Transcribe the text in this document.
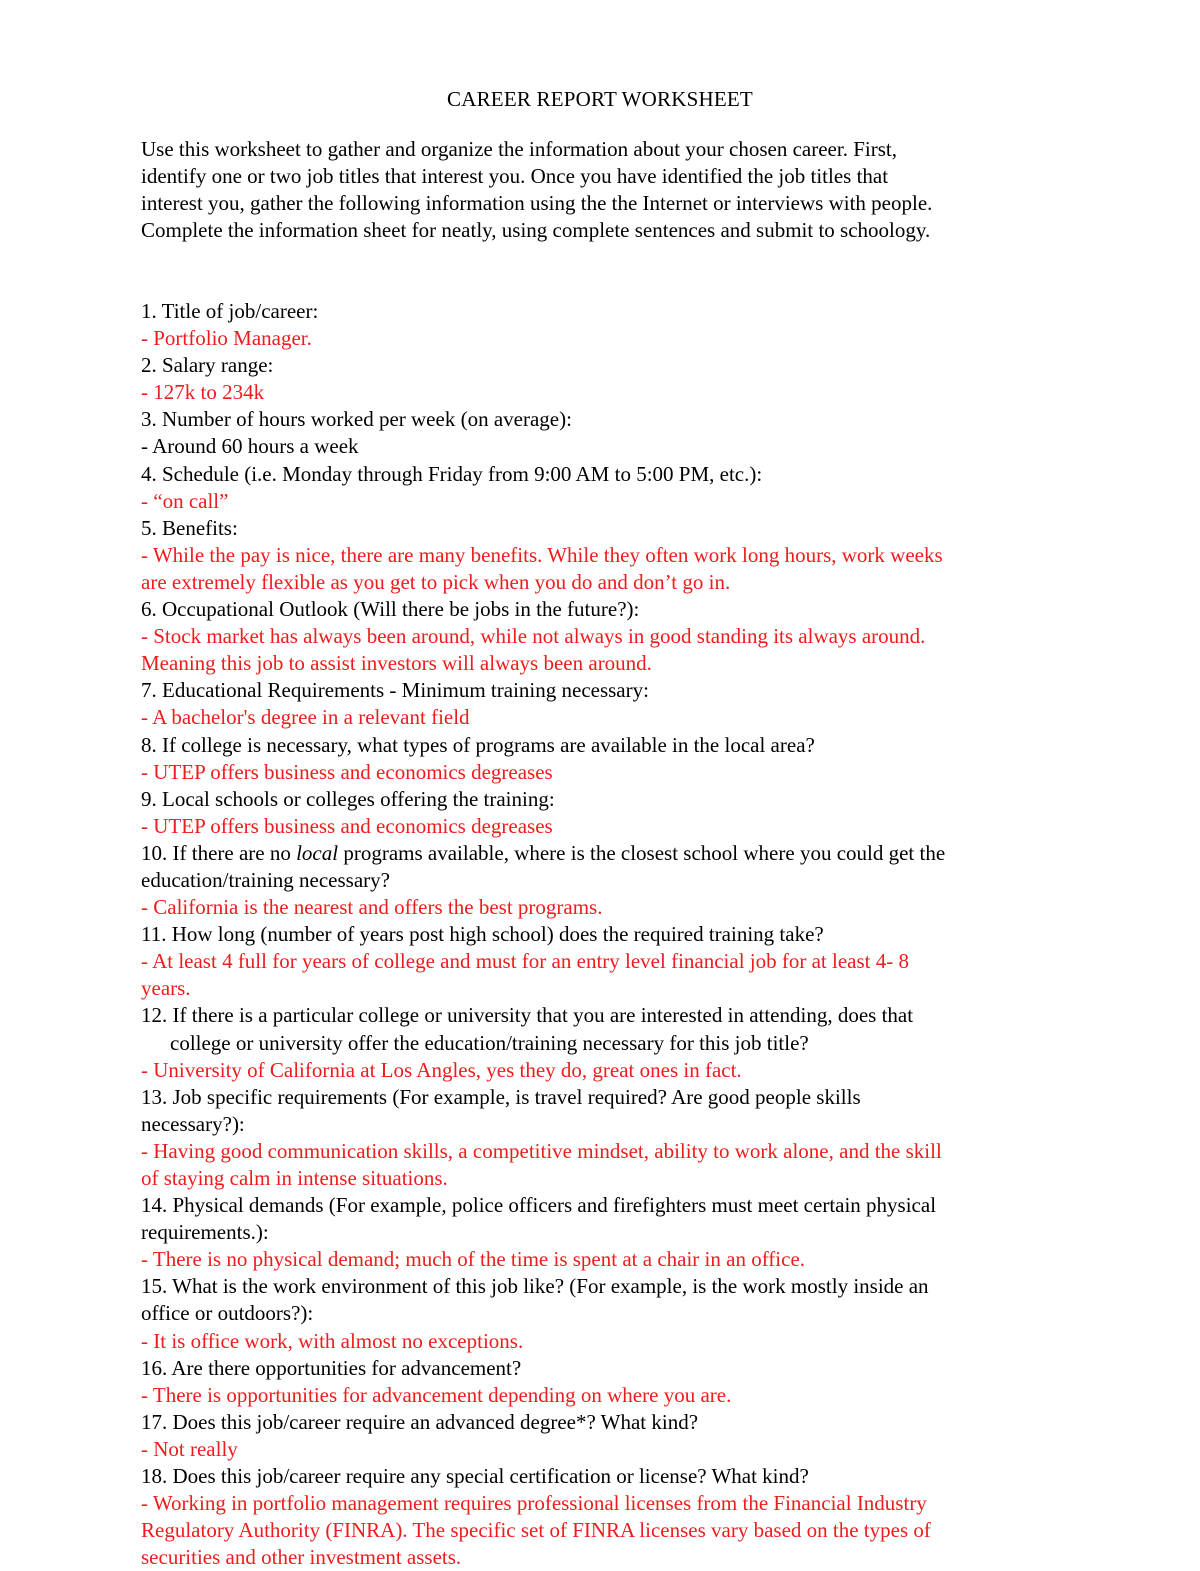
CAREER REPORT WORKSHEET
Use this worksheet to gather and organize the information about your chosen career. First,
identify one or two job titles that interest you. Once you have identified the job titles that
interest you, gather the following information using the the Internet or interviews with people.
Complete the information sheet for neatly, using complete sentences and submit to schoology.
1. Title of job/career:
- Portfolio Manager.
2. Salary range:
- 127k to 234k
3. Number of hours worked per week (on average):
- Around 60 hours a week
4. Schedule (i.e. Monday through Friday from 9:00 AM to 5:00 PM, etc.):
- “on call”
5. Benefits:
- While the pay is nice, there are many benefits. While they often work long hours, work weeks
are extremely flexible as you get to pick when you do and don’t go in.
6. Occupational Outlook (Will there be jobs in the future?):
- Stock market has always been around, while not always in good standing its always around.
Meaning this job to assist investors will always been around.
7. Educational Requirements - Minimum training necessary:
- A bachelor's degree in a relevant field
8. If college is necessary, what types of programs are available in the local area?
- UTEP offers business and economics degreases
9. Local schools or colleges offering the training:
- UTEP offers business and economics degreases
10. If there are no local programs available, where is the closest school where you could get the
education/training necessary?
- California is the nearest and offers the best programs.
11. How long (number of years post high school) does the required training take?
- At least 4 full for years of college and must for an entry level financial job for at least 4- 8
years.
12. If there is a particular college or university that you are interested in attending, does that
college or university offer the education/training necessary for this job title?
- University of California at Los Angles, yes they do, great ones in fact.
13. Job specific requirements (For example, is travel required? Are good people skills
necessary?):
- Having good communication skills, a competitive mindset, ability to work alone, and the skill
of staying calm in intense situations.
14. Physical demands (For example, police officers and firefighters must meet certain physical
requirements.):
- There is no physical demand; much of the time is spent at a chair in an office.
15. What is the work environment of this job like? (For example, is the work mostly inside an
office or outdoors?):
- It is office work, with almost no exceptions.
16. Are there opportunities for advancement?
- There is opportunities for advancement depending on where you are.
17. Does this job/career require an advanced degree*? What kind?
- Not really
18. Does this job/career require any special certification or license? What kind?
- Working in portfolio management requires professional licenses from the Financial Industry
Regulatory Authority (FINRA). The specific set of FINRA licenses vary based on the types of
securities and other investment assets.
